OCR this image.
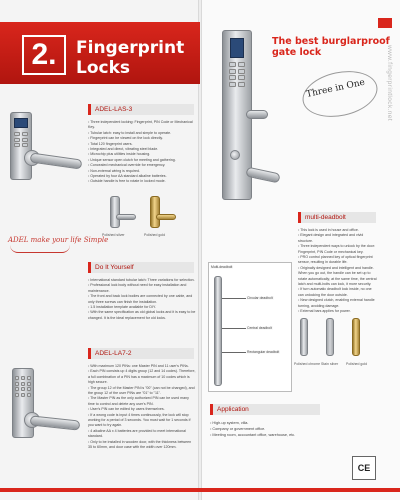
2.	Fingerprint
Locks
ADEL-LAS-3
• Three independent locking: Fingerprint, PIN Code or Mechanical Key.
• Tubular latch: easy to install and simple to operate.
• Fingerprint can be viewed on the lock directly.
• Total 120 fingerprint users.
• Integrated and direct, vibrating steel blade.
• Microchip plus utilities inside housing.
• Unique sensor open clutch for meeting and gathering.
• Concealed mechanical override for emergency.
• Non-external wiring is required.
• Operated by four AA standard alkaline batteries.
• Outside handle is free to rotate in locked mode.
Polished silver	Polished gold
ADEL make your life Simple
Do It Yourself
• International standard tubular latch: Three variations for selection.
• Professional lock body without need for easy installation and maintenance.
• The front and back lock bodies are connected by one cable, and only three screws can finish the installation.
• 1.5 installation template available for DIY.
• With the same specification as old global locks and it is easy to be changed. It is the ideal replacement for old locks.
ADEL-LA7-2
• With maximum 120 PINs: one Master PIN and 11 user's PINs.
• Each PIN consists up 4 digits group (12 and 14 codes). Therefore, a full combination of a PIN has a maximum of 10 codes which is high secure.
• The group 12 of the Master PIN is "00" (can not be changed), and the group 12 of the user PINs are "01" to "11".
• The Master PIN as the only authorized PIN can be used many time to control and delete any user's PIN.
• User's PIN can be edited by users themselves.
• If a wrong code is input 4 times continuously, the lock will stop working for a period of 3 seconds. You must wait for 1 seconds if you want to try again.
• 4 alkaline AA x 4 batteries are provided to meet international standard.
• Only to be installed in wooden door, with the thickness between 35 to 60mm, and door case with the width over 120mm.
The best burglarproof
gate lock
Three in One	www.fingerprintlock.net
multi-deadbolt
• This lock is used in house and office.
• Elegant design and integrated and vivid structure.
• Three independent ways to unlock by the door: Fingerprint, PIN Code or mechanical key.
• PRO control planned key of optical fingerprint sensor, resulting in durable life.
• Originally designed and intelligent and handle. When you go out, the handle can be set up to rotate automatically; at the same time, the central latch and multi-bolts can lock, it more security.
• If turn automatic deadbolt lock inside, no one can unlocking the door outside.
• New designed clutch, enabling external handle turning, avoiding damage.
• External bars applies for power.
Multi-deadbolt
Circular deadbolt
Central deadbolt
Rectangular deadbolt
Polished chrome Stain silver Polished gold
Application
• High-up system, villa.
• Company or government office.
• Meeting room, accountant office, warehouse, etc.
CE
